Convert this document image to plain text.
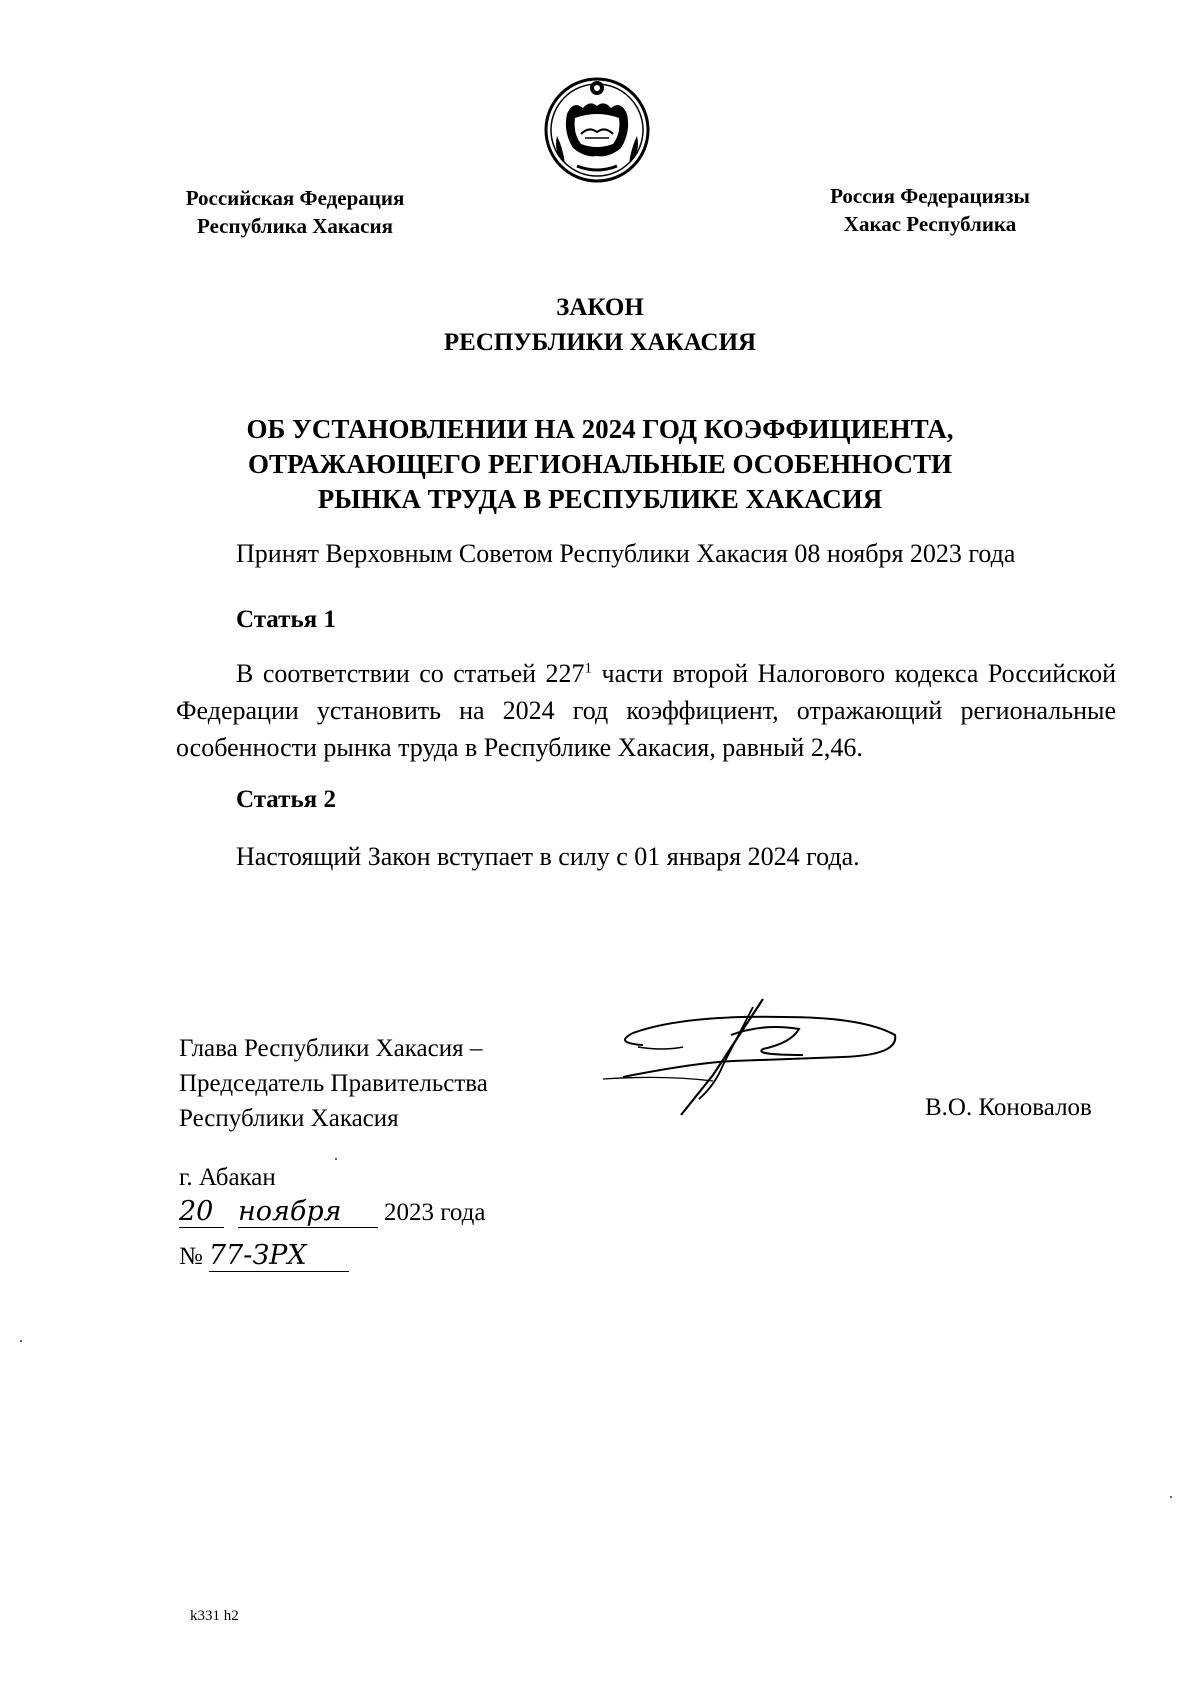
Российская Федерация
Республика Хакасия
Россия Федерациязы
Хакас Республика
ЗАКОН
РЕСПУБЛИКИ ХАКАСИЯ
ОБ УСТАНОВЛЕНИИ НА 2024 ГОД КОЭФФИЦИЕНТА,
ОТРАЖАЮЩЕГО РЕГИОНАЛЬНЫЕ ОСОБЕННОСТИ
РЫНКА ТРУДА В РЕСПУБЛИКЕ ХАКАСИЯ
Принят Верховным Советом Республики Хакасия 08 ноября 2023 года
Статья 1
В соответствии со статьей $227^1$ части второй Налогового кодекса Российской Федерации установить на 2024 год коэффициент, отражающий региональные особенности рынка труда в Республике Хакасия, равный 2,46.
Статья 2
Настоящий Закон вступает в силу с 01 января 2024 года.
Глава Республики Хакасия –
Председатель Правительства
Республики Хакасия	В.О. Коновалов
г. Абакан
20 ноября 2023 года
№ 77-ЗРХ
k331 h2
